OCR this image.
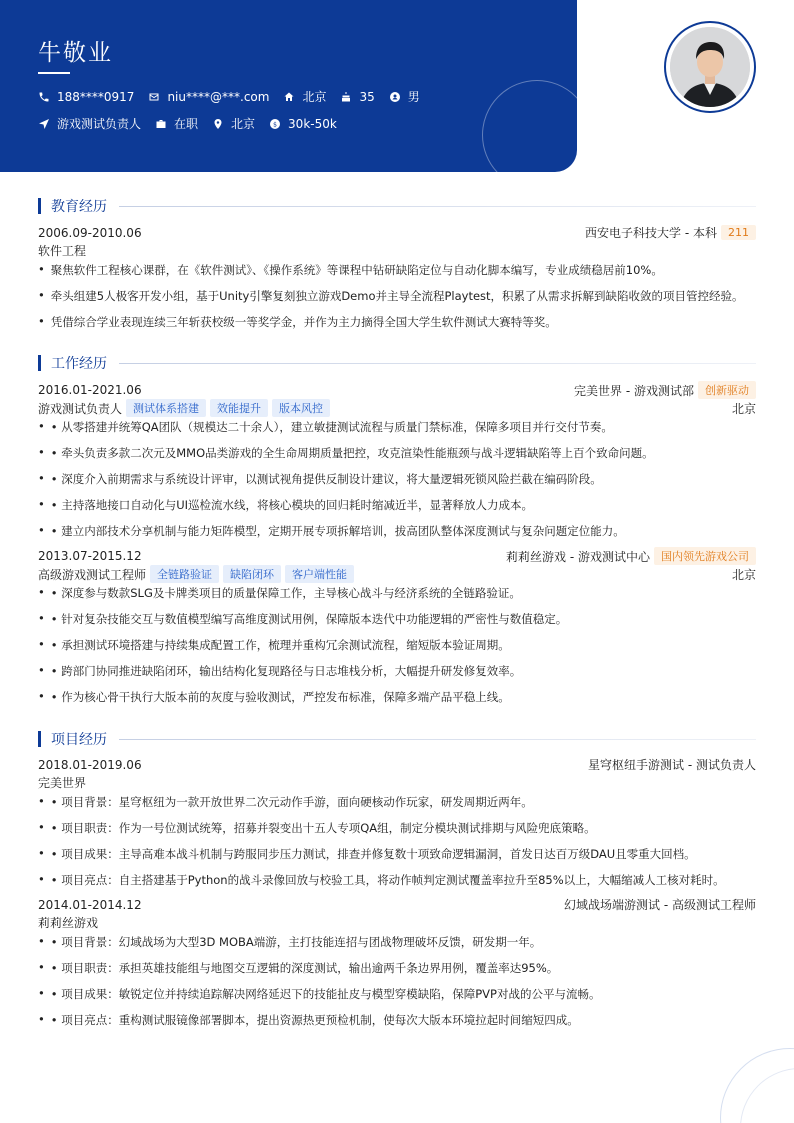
牛敬业
188****0917	niu****@***.com	北京	35	男
游戏测试负责人	在职	北京 $ 30k-50k
教育经历
2006.09-2010.06	西安电子科技大学 - 本科	211
软件工程
• 聚焦软件工程核心课群，在《软件测试》、《操作系统》等课程中钻研缺陷定位与自动化脚本编写，专业成绩稳居前10%。
• 牵头组建5人极客开发小组，基于Unity引擎复刻独立游戏Demo并主导全流程Playtest，积累了从需求拆解到缺陷收敛的项目管控经验。
• 凭借综合学业表现连续三年斩获校级一等奖学金，并作为主力摘得全国大学生软件测试大赛特等奖。
工作经历
2016.01-2021.06	完美世界 - 游戏测试部	创新驱动
游戏测试负责人	测试体系搭建	效能提升	版本风控	北京
• • 从零搭建并统筹QA团队（规模达二十余人），建立敏捷测试流程与质量门禁标准，保障多项目并行交付节奏。
• • 牵头负责多款二次元及MMO品类游戏的全生命周期质量把控，攻克渲染性能瓶颈与战斗逻辑缺陷等上百个致命问题。
• • 深度介入前期需求与系统设计评审，以测试视角提供反制设计建议，将大量逻辑死锁风险拦截在编码阶段。
• • 主持落地接口自动化与UI巡检流水线，将核心模块的回归耗时缩减近半，显著释放人力成本。
• • 建立内部技术分享机制与能力矩阵模型，定期开展专项拆解培训，拔高团队整体深度测试与复杂问题定位能力。
2013.07-2015.12	莉莉丝游戏 - 游戏测试中心	国内领先游戏公司
高级游戏测试工程师	全链路验证	缺陷闭环	客户端性能	北京
• • 深度参与数款SLG及卡牌类项目的质量保障工作，主导核心战斗与经济系统的全链路验证。
• • 针对复杂技能交互与数值模型编写高维度测试用例，保障版本迭代中功能逻辑的严密性与数值稳定。
• • 承担测试环境搭建与持续集成配置工作，梳理并重构冗余测试流程，缩短版本验证周期。
• • 跨部门协同推进缺陷闭环，输出结构化复现路径与日志堆栈分析，大幅提升研发修复效率。
• • 作为核心骨干执行大版本前的灰度与验收测试，严控发布标准，保障多端产品平稳上线。
项目经历
2018.01-2019.06	星穹枢纽手游测试 - 测试负责人
完美世界
• • 项目背景：星穹枢纽为一款开放世界二次元动作手游，面向硬核动作玩家，研发周期近两年。
• • 项目职责：作为一号位测试统筹，招募并裂变出十五人专项QA组，制定分模块测试排期与风险兜底策略。
• • 项目成果：主导高难本战斗机制与跨服同步压力测试，排查并修复数十项致命逻辑漏洞，首发日达百万级DAU且零重大回档。
• • 项目亮点：自主搭建基于Python的战斗录像回放与校验工具，将动作帧判定测试覆盖率拉升至85%以上，大幅缩减人工核对耗时。
2014.01-2014.12	幻域战场端游测试 - 高级测试工程师
莉莉丝游戏
• • 项目背景：幻域战场为大型3D MOBA端游，主打技能连招与团战物理破坏反馈，研发期一年。
• • 项目职责：承担英雄技能组与地图交互逻辑的深度测试，输出逾两千条边界用例，覆盖率达95%。
• • 项目成果：敏锐定位并持续追踪解决网络延迟下的技能扯皮与模型穿模缺陷，保障PVP对战的公平与流畅。
• • 项目亮点：重构测试服镜像部署脚本，提出资源热更预检机制，使每次大版本环境拉起时间缩短四成。
